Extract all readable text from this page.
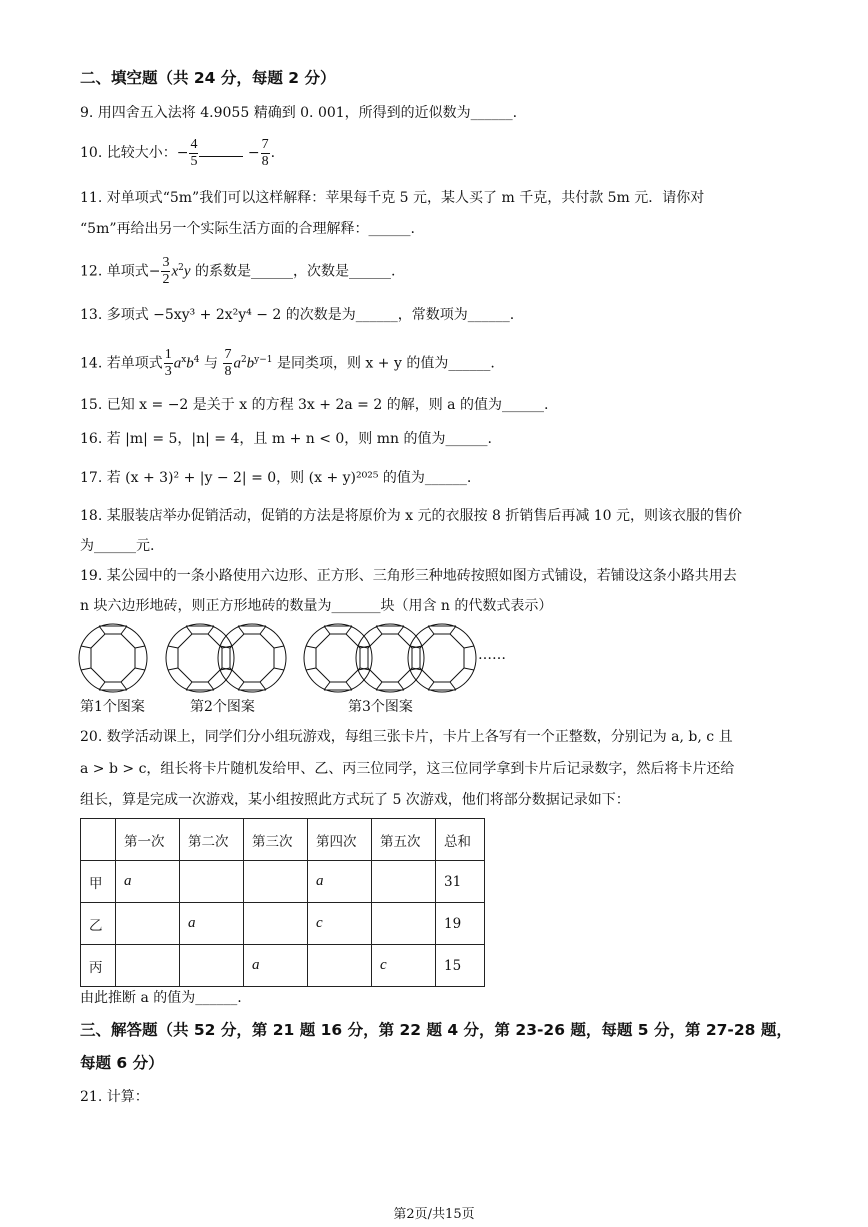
二、填空题（共 24 分，每题 2 分）
9. 用四舍五入法将 4.9055 精确到 0. 001，所得到的近似数为______.
10. 比较大小：− $\frac{4}{5}$	− $\frac{7}{8}$ .
11. 对单项式“5m”我们可以这样解释：苹果每千克 5 元，某人买了 m 千克，共付款 5m 元．请你对
“5m”再给出另一个实际生活方面的合理解释：______.
12. 单项式− $\frac{3}{2} x^2y$ 的系数是______，次数是______.
13. 多项式 −5xy³ + 2x²y⁴ − 2 的次数是为______，常数项为______.
14. 若单项式 $\frac{1}{3} a^xb^4$ 与 $\frac{7}{8} a^2b^{y-1}$ 是同类项，则 x + y 的值为______.
15. 已知 x = −2 是关于 x 的方程 3x + 2a = 2 的解，则 a 的值为______.
16. 若 |m| = 5，|n| = 4，且 m + n < 0，则 mn 的值为______.
17. 若 (x + 3)² + |y − 2| = 0，则 (x + y)²⁰²⁵ 的值为______.
18. 某服装店举办促销活动，促销的方法是将原价为 x 元的衣服按 8 折销售后再减 10 元，则该衣服的售价
为______元.
19. 某公园中的一条小路使用六边形、正方形、三角形三种地砖按照如图方式铺设，若铺设这条小路共用去
n 块六边形地砖，则正方形地砖的数量为_______块（用含 n 的代数式表示）
……
第1个图案	第2个图案	第3个图案
20. 数学活动课上，同学们分小组玩游戏，每组三张卡片，卡片上各写有一个正整数，分别记为 a, b, c 且
a > b > c，组长将卡片随机发给甲、乙、丙三位同学，这三位同学拿到卡片后记录数字，然后将卡片还给
组长，算是完成一次游戏，某小组按照此方式玩了 5 次游戏，他们将部分数据记录如下：
	第一次	第二次	第三次	第四次	第五次	总和
甲	a			a		31
乙		a		c		19
丙			a		c	15
由此推断 a 的值为______.
三、解答题（共 52 分，第 21 题 16 分，第 22 题 4 分，第 23-26 题，每题 5 分，第 27-28 题，
每题 6 分）
21. 计算：
第2页/共15页
